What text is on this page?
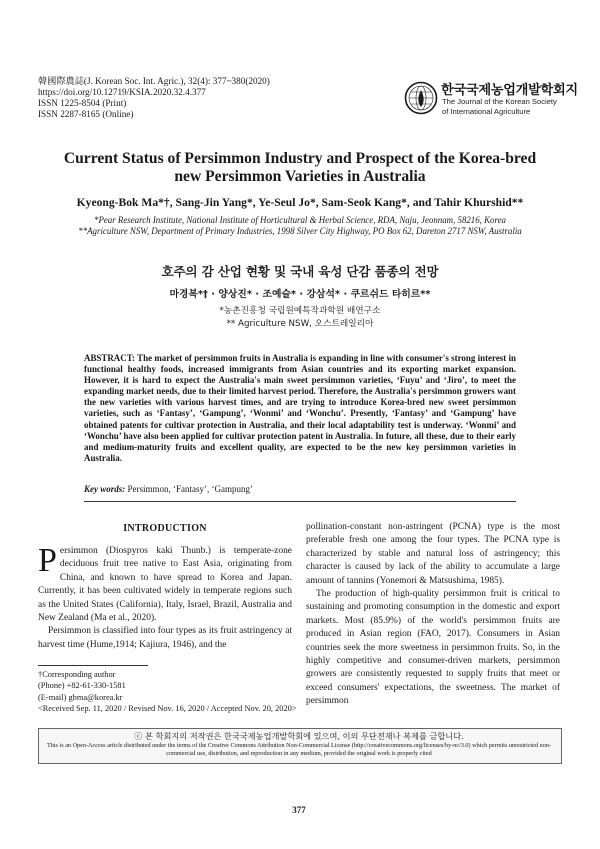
韓國際農誌(J. Korean Soc. Int. Agric.), 32(4): 377~380(2020)
https://doi.org/10.12719/KSIA.2020.32.4.377
ISSN 1225-8504 (Print)
ISSN 2287-8165 (Online)
한국국제농업개발학회지
The Journal of the Korean Society
of International Agriculture
Current Status of Persimmon Industry and Prospect of the Korea-bred
new Persimmon Varieties in Australia
Kyeong-Bok Ma*†, Sang-Jin Yang*, Ye-Seul Jo*, Sam-Seok Kang*, and Tahir Khurshid**
*Pear Research Institute, National Institute of Horticultural & Herbal Science, RDA, Naju, Jeonnam, 58216, Korea
**Agriculture NSW, Department of Primary Industries, 1998 Silver City Highway, PO Box 62, Dareton 2717 NSW, Australia
호주의 감 산업 현황 및 국내 육성 단감 품종의 전망
마경복*† · 양상진* · 조예슬* · 강삼석* · 쿠르쉬드 타히르**
*농촌진흥청 국립원예특작과학원 배연구소
** Agriculture NSW, 오스트레일리아
ABSTRACT: The market of persimmon fruits in Australia is expanding in line with consumer's strong interest in functional healthy foods, increased immigrants from Asian countries and its exporting market expansion. However, it is hard to expect the Australia's main sweet persimmon varieties, ‘Fuyu’ and ‘Jiro’, to meet the expanding market needs, due to their limited harvest period. Therefore, the Australia's persimmon growers want the new varieties with various harvest times, and are trying to introduce Korea-bred new sweet persimmon varieties, such as ‘Fantasy’, ‘Gampung’, ‘Wonmi’ and ‘Wonchu’. Presently, ‘Fantasy’ and ‘Gampung’ have obtained patents for cultivar protection in Australia, and their local adaptability test is underway. ‘Wonmi’ and ‘Wonchu’ have also been applied for cultivar protection patent in Australia. In future, all these, due to their early and medium-maturity fruits and excellent quality, are expected to be the new key persimmon varieties in Australia.
Key words: Persimmon, ‘Fantasy’, ‘Gampung’
INTRODUCTION

Persimmon (Diospyros kaki Thunb.) is temperate-zone deciduous fruit tree native to East Asia, originating from China, and known to have spread to Korea and Japan. Currently, it has been cultivated widely in temperate regions such as the United States (California), Italy, Israel, Brazil, Australia and New Zealand (Ma et al., 2020).

Persimmon is classified into four types as its fruit astringency at harvest time (Hume,1914; Kajiura, 1946), and the

pollination-constant non-astringent (PCNA) type is the most preferable fresh one among the four types. The PCNA type is characterized by stable and natural loss of astringency; this character is caused by lack of the ability to accumulate a large amount of tannins (Yonemori & Matsushima, 1985).

The production of high-quality persimmon fruit is critical to sustaining and promoting consumption in the domestic and export markets. Most (85.9%) of the world's persimmon fruits are produced in Asian region (FAO, 2017). Consumers in Asian countries seek the more sweetness in persimmon fruits. So, in the highly competitive and consumer-driven markets, persimmon growers are consistently requested to supply fruits that meet or exceed consumers' expectations, the sweetness. The market of persimmon

†Corresponding author
(Phone) +82-61-330-1581
(E-mail) gbma@korea.kr
<Received Sep. 11, 2020 / Revised Nov. 16, 2020 / Accepted Nov. 20, 2020>
ⓒ 본 학회지의 저작권은 한국국제농업개발학회에 있으며, 이의 무단전재나 복제를 금합니다.
This is an Open-Access article distributed under the terms of the Creative Commons Attribution Non-Commercial License (http://creativecommons.org/licenses/by-nc/3.0) which permits unrestricted non-commercial use, distribution, and reproduction in any medium, provided the original work is properly cited
377
